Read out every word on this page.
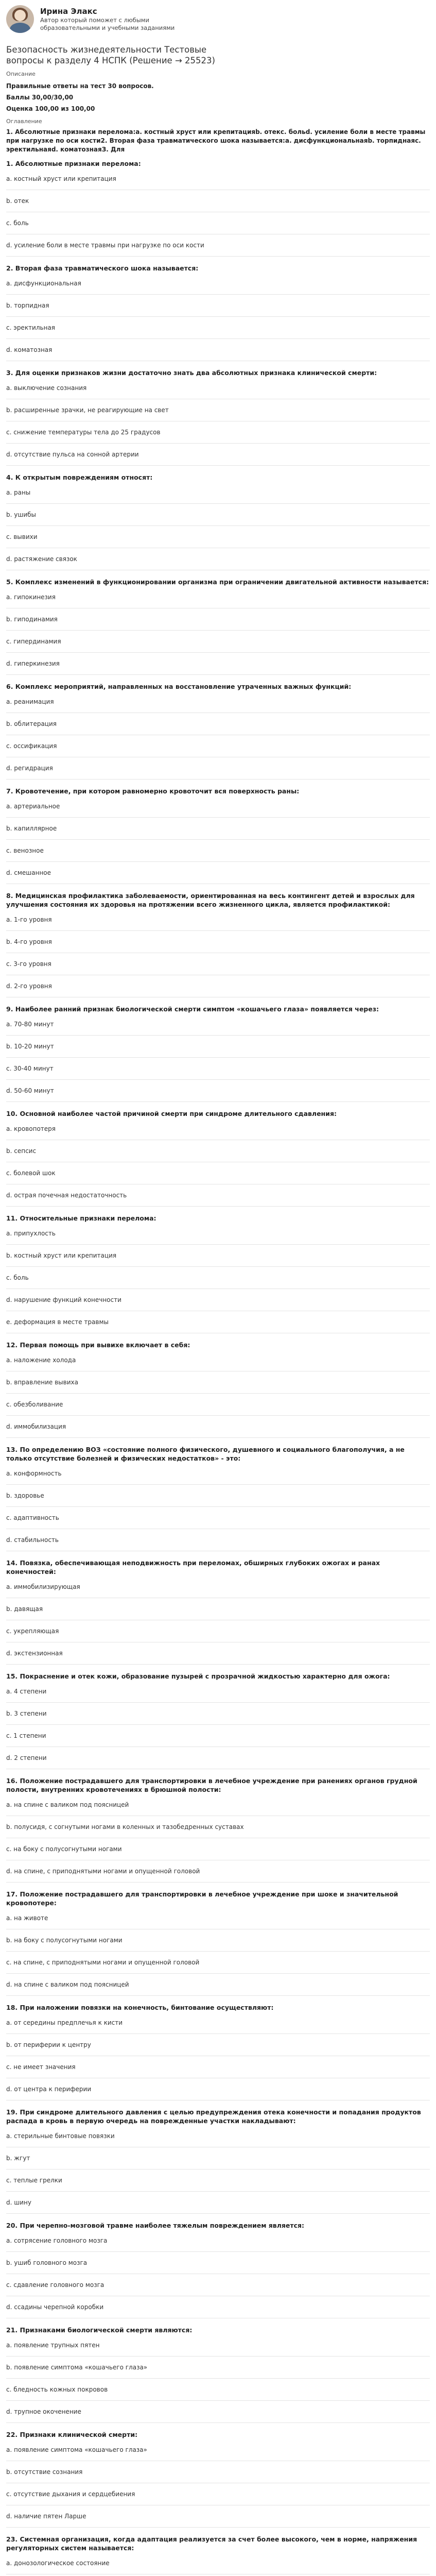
Ирина Элакс
Автор который поможет с любыми образовательными и учебными заданиями
Безопасность жизнедеятельности Тестовые вопросы к разделу 4 НСПК (Решение → 25523)
Описание
Правильные ответы на тест 30 вопросов.
Баллы 30,00/30,00
Оценка 100,00 из 100,00
Оглавление
1. Абсолютные признаки перелома:a. костный хруст или крепитацияb. отекc. больd. усиление боли в месте травмы при нагрузке по оси кости2. Вторая фаза травматического шока называется:a. дисфункциональнаяb. торпиднаяc. эректильнаяd. коматознаяЗ. Для
1. Абсолютные признаки перелома:
a. костный хруст или крепитация
b. отек
c. боль
d. усиление боли в месте травмы при нагрузке по оси кости
2. Вторая фаза травматического шока называется:
a. дисфункциональная
b. торпидная
c. эректильная
d. коматозная
3. Для оценки признаков жизни достаточно знать два абсолютных признака клинической смерти:
a. выключение сознания
b. расширенные зрачки, не реагирующие на свет
c. снижение температуры тела до 25 градусов
d. отсутствие пульса на сонной артерии
4. К открытым повреждениям относят:
a. раны
b. ушибы
c. вывихи
d. растяжение связок
5. Комплекс изменений в функционировании организма при ограничении двигательной активности называется:
a. гипокинезия
b. гиподинамия
c. гипердинамия
d. гиперкинезия
6. Комплекс мероприятий, направленных на восстановление утраченных важных функций:
a. реанимация
b. облитерация
c. оссификация
d. регидрация
7. Кровотечение, при котором равномерно кровоточит вся поверхность раны:
a. артериальное
b. капиллярное
c. венозное
d. смешанное
8. Медицинская профилактика заболеваемости, ориентированная на весь контингент детей и взрослых для улучшения состояния их здоровья на протяжении всего жизненного цикла, является профилактикой:
a. 1-го уровня
b. 4-го уровня
c. 3-го уровня
d. 2-го уровня
9. Наиболее ранний признак биологической смерти симптом «кошачьего глаза» появляется через:
a. 70-80 минут
b. 10-20 минут
c. 30-40 минут
d. 50-60 минут
10. Основной наиболее частой причиной смерти при синдроме длительного сдавления:
a. кровопотеря
b. сепсис
c. болевой шок
d. острая почечная недостаточность
11. Относительные признаки перелома:
a. припухлость
b. костный хруст или крепитация
c. боль
d. нарушение функций конечности
e. деформация в месте травмы
12. Первая помощь при вывихе включает в себя:
a. наложение холода
b. вправление вывиха
c. обезболивание
d. иммобилизация
13. По определению ВОЗ «состояние полного физического, душевного и социального благополучия, а не только отсутствие болезней и физических недостатков» - это:
a. конформность
b. здоровье
c. адаптивность
d. стабильность
14. Повязка, обеспечивающая неподвижность при переломах, обширных глубоких ожогах и ранах конечностей:
a. иммобилизирующая
b. давящая
c. укрепляющая
d. экстензионная
15. Покраснение и отек кожи, образование пузырей с прозрачной жидкостью характерно для ожога:
a. 4 степени
b. 3 степени
c. 1 степени
d. 2 степени
16. Положение пострадавшего для транспортировки в лечебное учреждение при ранениях органов грудной полости, внутренних кровотечениях в брюшной полости:
a. на спине с валиком под поясницей
b. полусидя, с согнутыми ногами в коленных и тазобедренных суставах
c. на боку с полусогнутыми ногами
d. на спине, с приподнятыми ногами и опущенной головой
17. Положение пострадавшего для транспортировки в лечебное учреждение при шоке и значительной кровопотере:
a. на животе
b. на боку с полусогнутыми ногами
c. на спине, с приподнятыми ногами и опущенной головой
d. на спине с валиком под поясницей
18. При наложении повязки на конечность, бинтование осуществляют:
a. от середины предплечья к кисти
b. от периферии к центру
c. не имеет значения
d. от центра к периферии
19. При синдроме длительного давления с целью предупреждения отека конечности и попадания продуктов распада в кровь в первую очередь на поврежденные участки накладывают:
a. стерильные бинтовые повязки
b. жгут
c. теплые грелки
d. шину
20. При черепно-мозговой травме наиболее тяжелым повреждением является:
a. сотрясение головного мозга
b. ушиб головного мозга
c. сдавление головного мозга
d. ссадины черепной коробки
21. Признаками биологической смерти являются:
a. появление трупных пятен
b. появление симптома «кошачьего глаза»
c. бледность кожных покровов
d. трупное окоченение
22. Признаки клинической смерти:
a. появление симптома «кошачьего глаза»
b. отсутствие сознания
c. отсутствие дыхания и сердцебиения
d. наличие пятен Ларше
23. Системная организация, когда адаптация реализуется за счет более высокого, чем в норме, напряжения регуляторных систем называется:
a. донозологическое состояние
